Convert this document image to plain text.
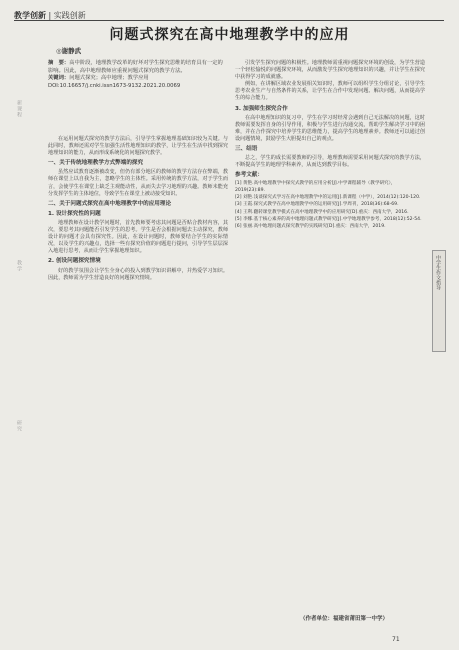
教学创新 | 实践创新
问题式探究在高中地理教学中的应用
◎谢静武
新课程
教学
研究
摘　要：高中阶段，地理教学改革的好坏对学生探究思维的培育具有一定的影响。因此，高中地理教师应重视问题式探究的教学方法。
关键词：问题式探究；高中地理；教学应用
DOI:10.16657/j.cnki.issn1673-9132.2021.20.0069
在运用问题式探究的教学方法后，引导学生掌握地理基础知识较为关键。与此同时，教师还需对学生加强生活性地理知识的教学，让学生在生活中找到探究地理知识的能力，从而形成系统化的问题探究教学。
一、关于传统地理教学方式弊端的探究
虽然应试教育逐渐被改变，但仍有部分地区的教师的教学方法存在弊端，教师在课堂上以自我为主，忽略学生的主体性。采用传统的教学方法，对于学生而言，会使学生在课堂上缺乏主观能动性，从而失去学习地理的兴趣。教师未能充分发挥学生的主体地位，导致学生在课堂上被动接受知识。
二、关于问题式探究在高中地理教学中的应用理论
1. 设计探究性的问题
地理教师在设计教学问题时，首先教师要考虑其问题是否贴合教材内容，其次，要思考其问题能否引发学生的思考。学生是否会根据问题去主动探究，教师设计的问题才会具有探究性。因此，在设计问题时，教师要结合学生的实际情况，以及学生的兴趣点，选择一些有探究价值的问题进行提问，引导学生层层深入地进行思考，从而让学生掌握地理知识。
2. 创设问题探究情境
好的教学氛围会让学生全身心的投入到教学知识讲解中，并热爱学习知识。因此，教师需为学生营造良好的问题探究情境。
引发学生探究问题的积极性。地理教师需重视问题探究环境的创设，为学生营造一个轻松愉悦的问题探究环境，从而激发学生探究地理知识的兴趣，并让学生在探究中获得学习的成就感。
例如，在讲解区域农业发展相关知识时，教师可以组织学生分组讨论，引导学生思考农业生产与自然条件的关系，让学生在合作中发现问题、解决问题，从而提高学生的综合能力。
3. 加强师生探究合作
在高中地理知识的复习中，学生在学习时经常会遇到自己无法解决的问题，这时教师需要发挥自身的引导作用，积极与学生进行沟通交流，帮助学生解决学习中的困难，并在合作探究中培养学生的思维能力，提高学生的地理素养。教师还可以通过创设问题情境，鼓励学生大胆提出自己的观点。
三、结语
总之，学生的成长需要教师的引导，地理教师需要采用问题式探究的教学方法，不断提高学生的地理学科素养，从而达到教学目标。
参考文献：
[1] 黄艳.高中地理教学中探究式教学的应用分析[J].中学课程辅导（教学研究），2019(23):89.
[2] 刘艳.浅谈探究式学习在高中地理教学中的运用[J].新课程（中学），2014(12):120-120.
[3] 王霞.探究式教学在高中地理教学中的运用研究[J].学周刊，2018(36):68-69.
[4] 王利.翻转课堂教学模式在高中地理教学中的应用研究[D].重庆：西南大学，2016.
[5] 李娜.基于核心素养的高中地理问题式教学研究[J].中学地理教学参考，2018(12):52-54.
[6] 张丽.高中地理问题式探究教学的实践研究[D].重庆：西南大学，2019.
中学生作文指导
（作者单位：福建省莆田第一中学）
71
